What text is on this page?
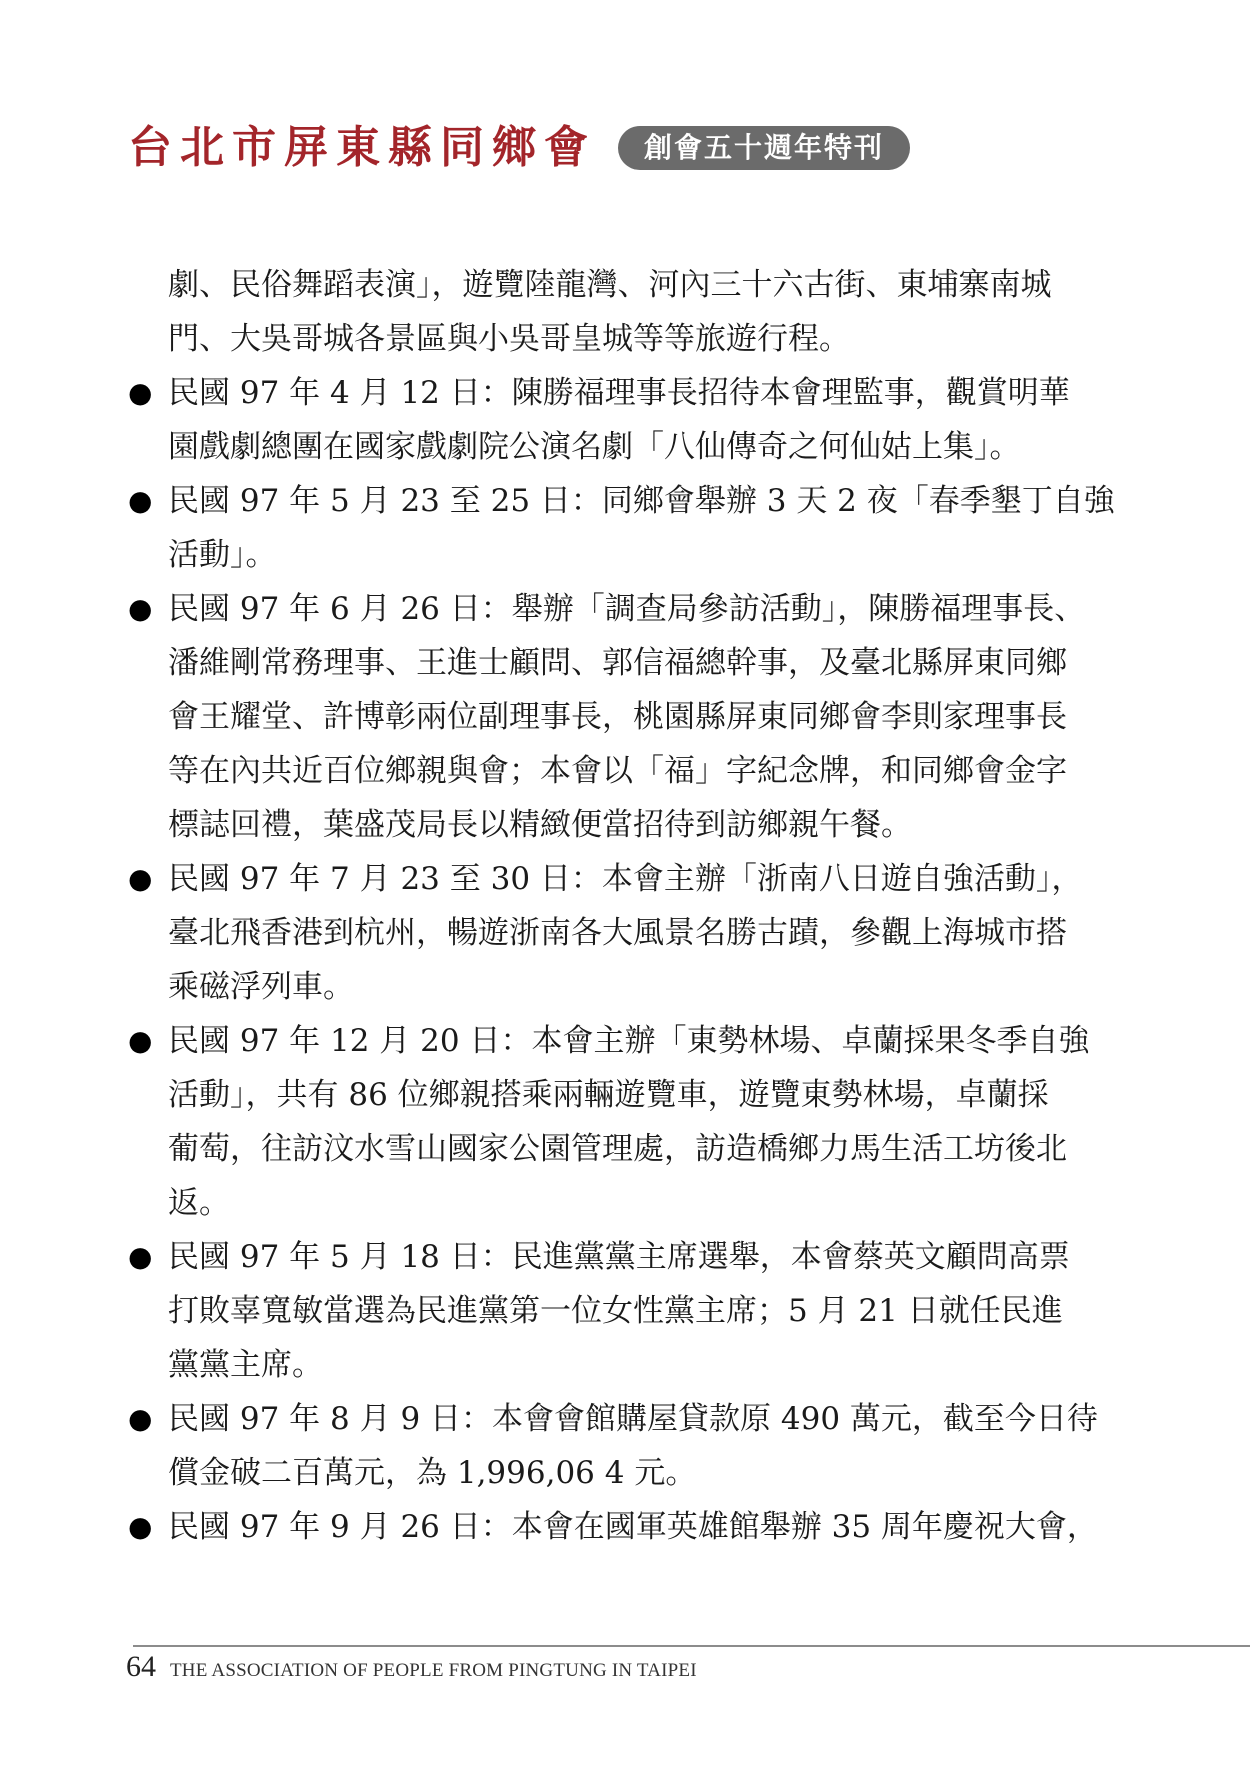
台北市屏東縣同鄉會	創會五十週年特刊

劇、民俗舞蹈表演」，遊覽陸龍灣、河內三十六古街、東埔寨南城
門、大吳哥城各景區與小吳哥皇城等等旅遊行程。

● 民國 97 年 4 月 12 日：陳勝福理事長招待本會理監事，觀賞明華
園戲劇總團在國家戲劇院公演名劇「八仙傳奇之何仙姑上集」。

● 民國 97 年 5 月 23 至 25 日：同鄉會舉辦 3 天 2 夜「春季墾丁自強
活動」。

● 民國 97 年 6 月 26 日：舉辦「調查局參訪活動」，陳勝福理事長、
潘維剛常務理事、王進士顧問、郭信福總幹事，及臺北縣屏東同鄉
會王耀堂、許博彰兩位副理事長，桃園縣屏東同鄉會李則家理事長
等在內共近百位鄉親與會；本會以「福」字紀念牌，和同鄉會金字
標誌回禮，葉盛茂局長以精緻便當招待到訪鄉親午餐。

● 民國 97 年 7 月 23 至 30 日：本會主辦「浙南八日遊自強活動」，
臺北飛香港到杭州，暢遊浙南各大風景名勝古蹟，參觀上海城市搭
乘磁浮列車。

● 民國 97 年 12 月 20 日：本會主辦「東勢林場、卓蘭採果冬季自強
活動」，共有 86 位鄉親搭乘兩輛遊覽車，遊覽東勢林場，卓蘭採
葡萄，往訪汶水雪山國家公園管理處，訪造橋鄉力馬生活工坊後北
返。

● 民國 97 年 5 月 18 日：民進黨黨主席選舉，本會蔡英文顧問高票
打敗辜寬敏當選為民進黨第一位女性黨主席；5 月 21 日就任民進
黨黨主席。

● 民國 97 年 8 月 9 日：本會會館購屋貸款原 490 萬元，截至今日待
償金破二百萬元，為 1,996,06 4 元。

● 民國 97 年 9 月 26 日：本會在國軍英雄館舉辦 35 周年慶祝大會，

64 THE ASSOCIATION OF PEOPLE FROM PINGTUNG IN TAIPEI
